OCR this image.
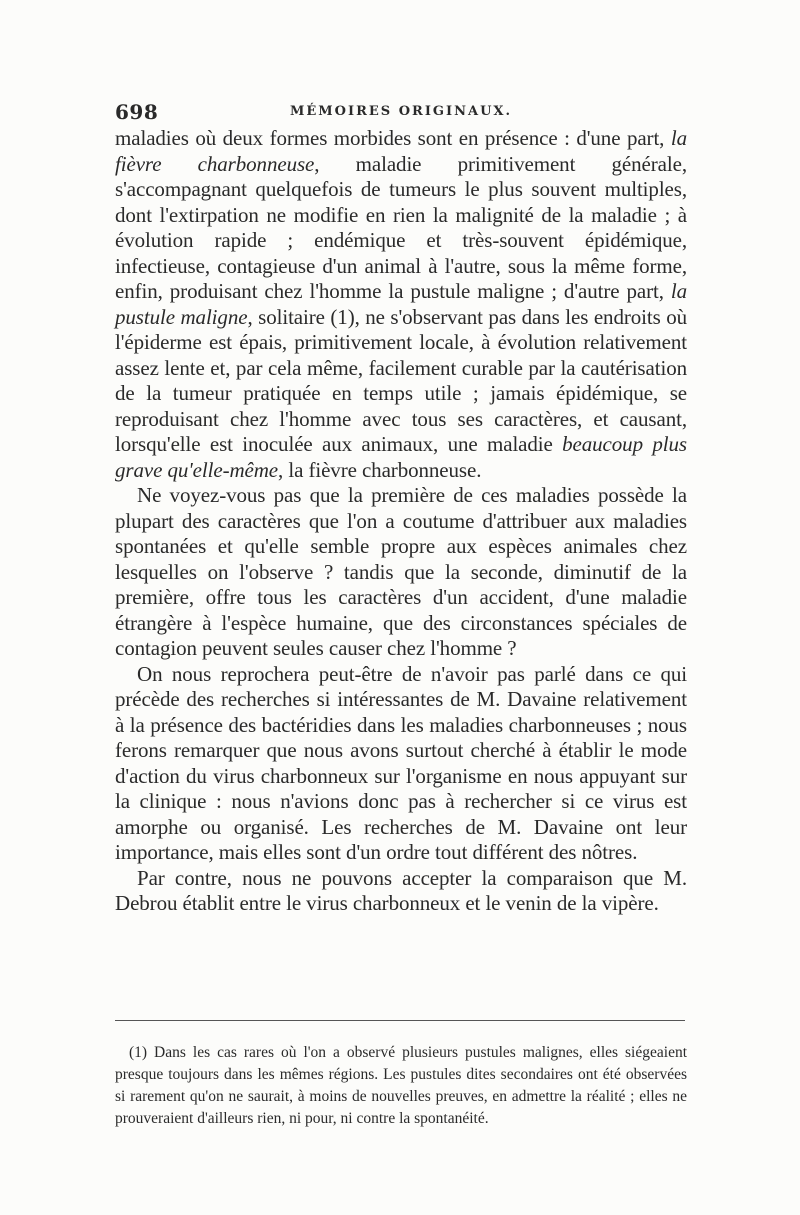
698	MÉMOIRES ORIGINAUX.

maladies où deux formes morbides sont en présence : d'une part, la fièvre charbonneuse, maladie primitivement générale, s'accompagnant quelquefois de tumeurs le plus souvent multiples, dont l'extirpation ne modifie en rien la malignité de la maladie ; à évolution rapide ; endémique et très-souvent épidémique, infectieuse, contagieuse d'un animal à l'autre, sous la même forme, enfin, produisant chez l'homme la pustule maligne ; d'autre part, la pustule maligne, solitaire (1), ne s'observant pas dans les endroits où l'épiderme est épais, primitivement locale, à évolution relativement assez lente et, par cela même, facilement curable par la cautérisation de la tumeur pratiquée en temps utile ; jamais épidémique, se reproduisant chez l'homme avec tous ses caractères, et causant, lorsqu'elle est inoculée aux animaux, une maladie beaucoup plus grave qu'elle-même, la fièvre charbonneuse.

Ne voyez-vous pas que la première de ces maladies possède la plupart des caractères que l'on a coutume d'attribuer aux maladies spontanées et qu'elle semble propre aux espèces animales chez lesquelles on l'observe ? tandis que la seconde, diminutif de la première, offre tous les caractères d'un accident, d'une maladie étrangère à l'espèce humaine, que des circonstances spéciales de contagion peuvent seules causer chez l'homme ?

On nous reprochera peut-être de n'avoir pas parlé dans ce qui précède des recherches si intéressantes de M. Davaine relativement à la présence des bactéridies dans les maladies charbonneuses ; nous ferons remarquer que nous avons surtout cherché à établir le mode d'action du virus charbonneux sur l'organisme en nous appuyant sur la clinique : nous n'avions donc pas à rechercher si ce virus est amorphe ou organisé. Les recherches de M. Davaine ont leur importance, mais elles sont d'un ordre tout différent des nôtres.

Par contre, nous ne pouvons accepter la comparaison que M. Debrou établit entre le virus charbonneux et le venin de la vipère.

(1) Dans les cas rares où l'on a observé plusieurs pustules malignes, elles siégeaient presque toujours dans les mêmes régions. Les pustules dites secondaires ont été observées si rarement qu'on ne saurait, à moins de nouvelles preuves, en admettre la réalité ; elles ne prouveraient d'ailleurs rien, ni pour, ni contre la spontanéité.
